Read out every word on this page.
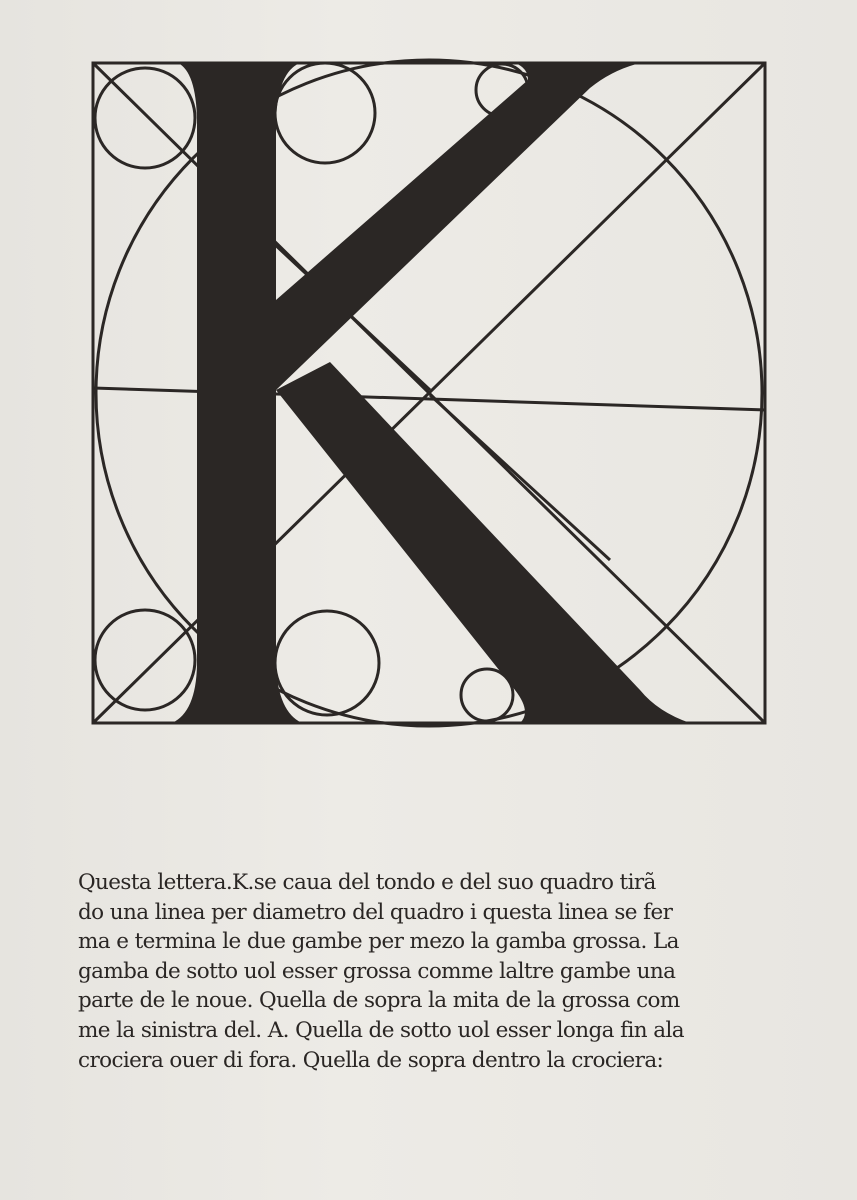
Questa lettera.K.se caua del tondo e del suo quadro tirã
do una linea per diametro del quadro i questa linea se fer
ma e termina le due gambe per mezo la gamba grossa. La
gamba de sotto uol esser grossa comme laltre gambe una
parte de le noue. Quella de sopra la mita de la grossa com
me la sinistra del. A. Quella de sotto uol esser longa fin ala
crociera ouer di fora. Quella de sopra dentro la crociera:
